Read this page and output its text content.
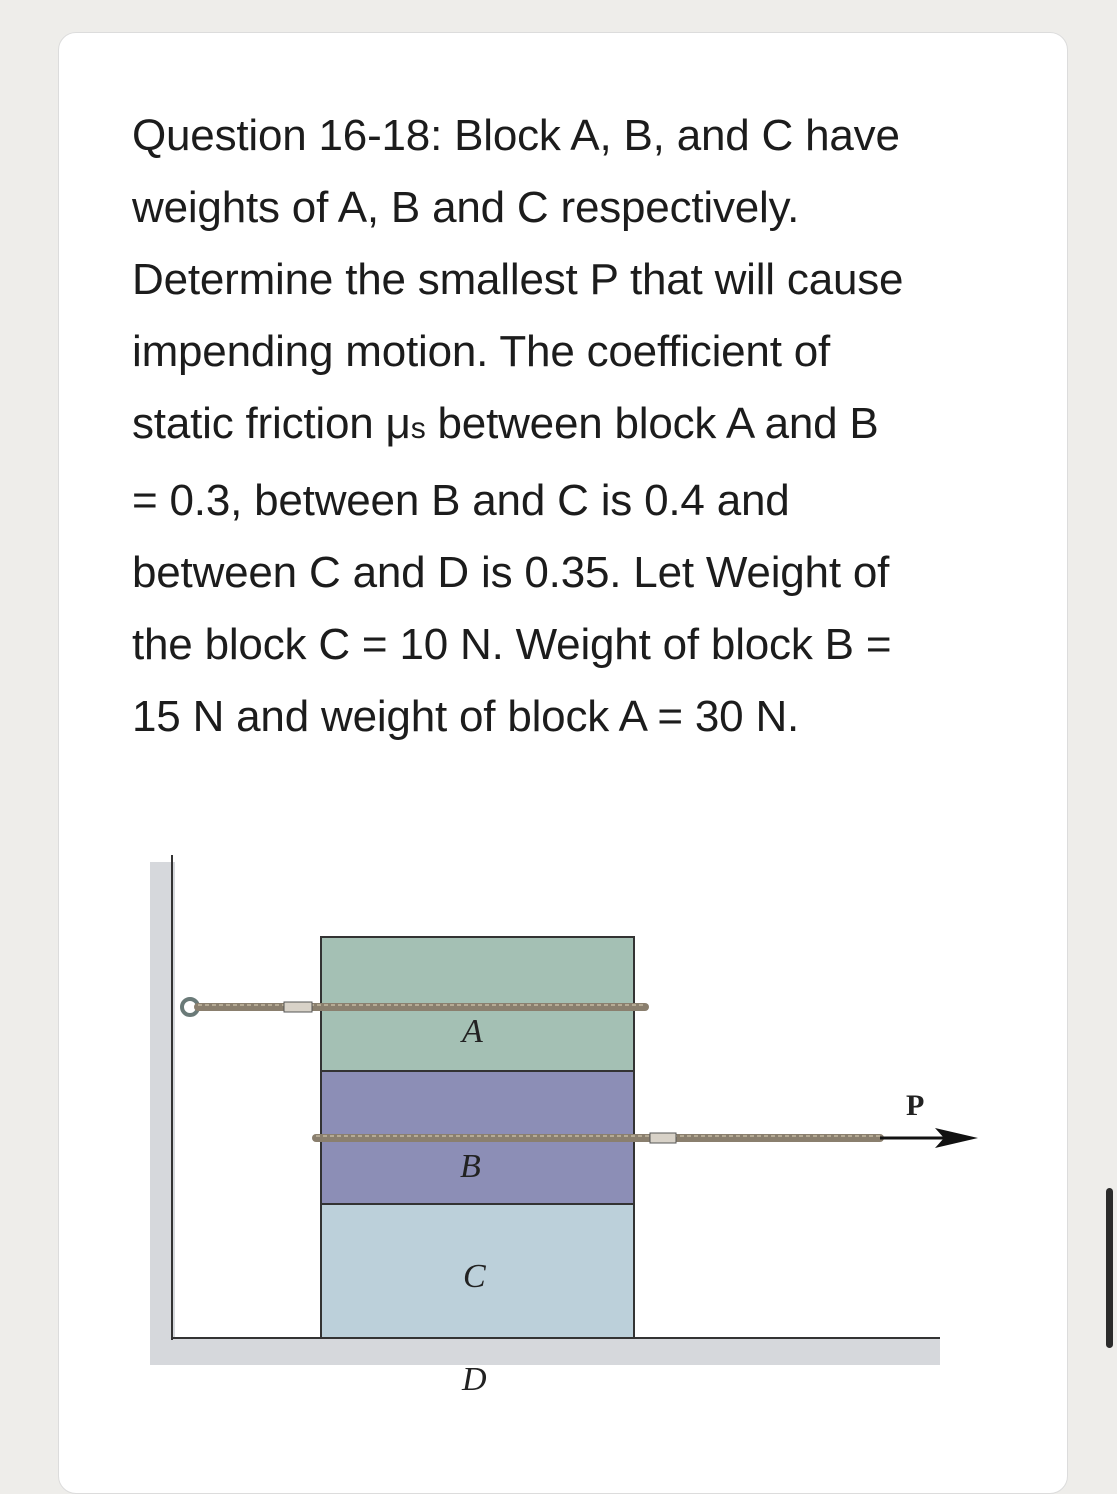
Question 16-18: Block A, B, and C have
weights of A, B and C respectively.
Determine the smallest P that will cause
impending motion. The coefficient of
static friction μs between block A and B
= 0.3, between B and C is 0.4 and
between C and D is 0.35. Let Weight of
the block C = 10 N. Weight of block B =
15 N and weight of block A = 30 N.
A
B
C
D
P
